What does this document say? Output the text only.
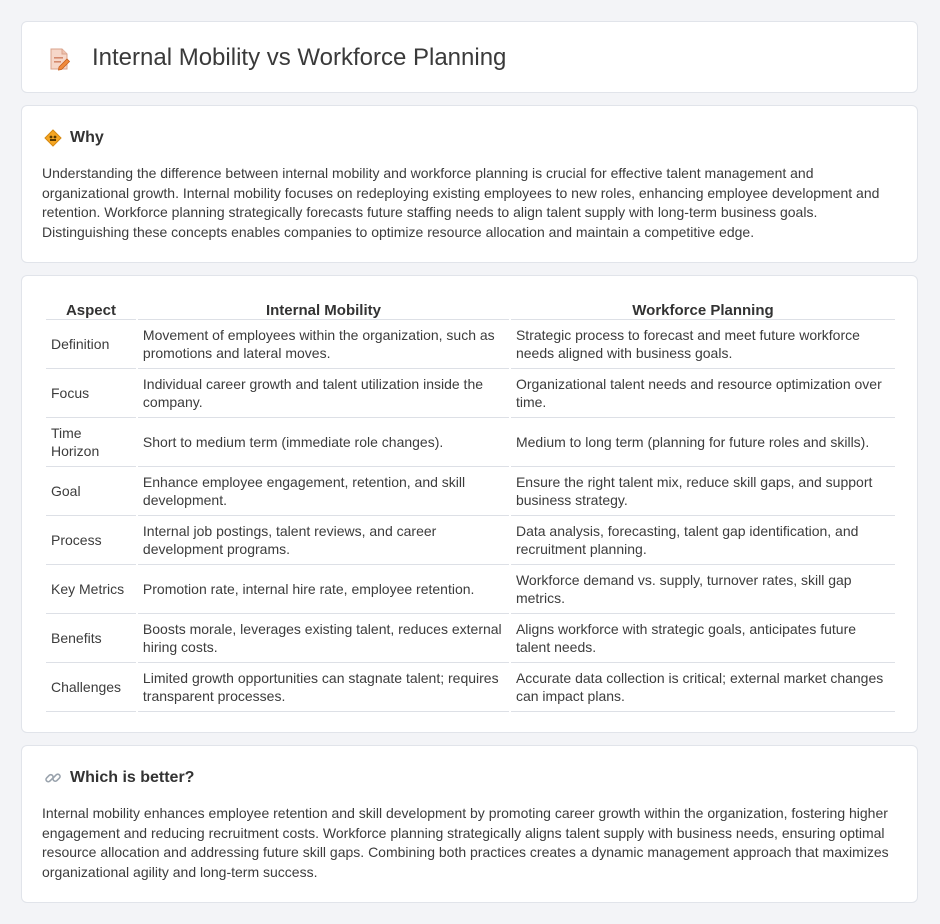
Internal Mobility vs Workforce Planning
Why

Understanding the difference between internal mobility and workforce planning is crucial for effective talent management and organizational growth. Internal mobility focuses on redeploying existing employees to new roles, enhancing employee development and retention. Workforce planning strategically forecasts future staffing needs to align talent supply with long-term business goals. Distinguishing these concepts enables companies to optimize resource allocation and maintain a competitive edge.

Aspect	Internal Mobility	Workforce Planning
Definition	Movement of employees within the organization, such as promotions and lateral moves.	Strategic process to forecast and meet future workforce needs aligned with business goals.
Focus	Individual career growth and talent utilization inside the company.	Organizational talent needs and resource optimization over time.
Time Horizon	Short to medium term (immediate role changes).	Medium to long term (planning for future roles and skills).
Goal	Enhance employee engagement, retention, and skill development.	Ensure the right talent mix, reduce skill gaps, and support business strategy.
Process	Internal job postings, talent reviews, and career development programs.	Data analysis, forecasting, talent gap identification, and recruitment planning.
Key Metrics	Promotion rate, internal hire rate, employee retention.	Workforce demand vs. supply, turnover rates, skill gap metrics.
Benefits	Boosts morale, leverages existing talent, reduces external hiring costs.	Aligns workforce with strategic goals, anticipates future talent needs.
Challenges	Limited growth opportunities can stagnate talent; requires transparent processes.	Accurate data collection is critical; external market changes can impact plans.
Which is better?

Internal mobility enhances employee retention and skill development by promoting career growth within the organization, fostering higher engagement and reducing recruitment costs. Workforce planning strategically aligns talent supply with business needs, ensuring optimal resource allocation and addressing future skill gaps. Combining both practices creates a dynamic management approach that maximizes organizational agility and long-term success.
